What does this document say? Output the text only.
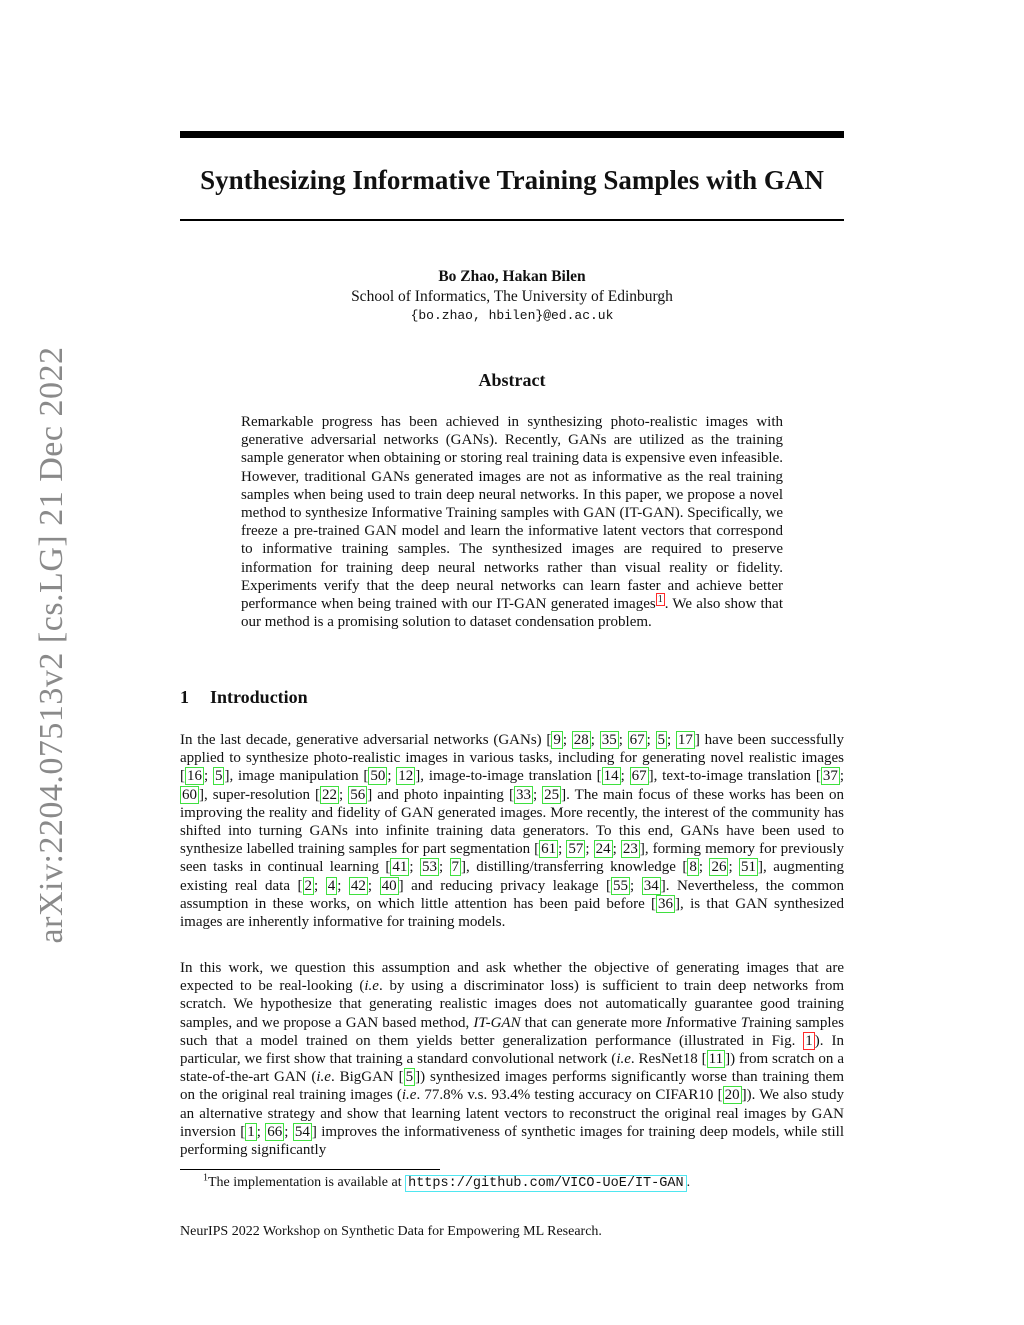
arXiv:2204.07513v2 [cs.LG] 21 Dec 2022
Synthesizing Informative Training Samples with GAN
Bo Zhao, Hakan Bilen
School of Informatics, The University of Edinburgh
{bo.zhao, hbilen}@ed.ac.uk
Abstract
Remarkable progress has been achieved in synthesizing photo-realistic images with generative adversarial networks (GANs). Recently, GANs are utilized as the training sample generator when obtaining or storing real training data is expensive even infeasible. However, traditional GANs generated images are not as informative as the real training samples when being used to train deep neural networks. In this paper, we propose a novel method to synthesize Informative Training samples with GAN (IT-GAN). Specifically, we freeze a pre-trained GAN model and learn the informative latent vectors that correspond to informative training samples. The synthesized images are required to preserve information for training deep neural networks rather than visual reality or fidelity. Experiments verify that the deep neural networks can learn faster and achieve better performance when being trained with our IT-GAN generated images $^1$ . We also show that our method is a promising solution to dataset condensation problem.
1 Introduction
In the last decade, generative adversarial networks (GANs) [ 9 ; 28 ; 35 ; 67 ; 5 ; 17 ] have been successfully applied to synthesize photo-realistic images in various tasks, including for generating novel realistic images [ 16 ; 5 ], image manipulation [ 50 ; 12 ], image-to-image translation [ 14 ; 67 ], text-to-image translation [ 37 ; 60 ], super-resolution [ 22 ; 56 ] and photo inpainting [ 33 ; 25 ]. The main focus of these works has been on improving the reality and fidelity of GAN generated images. More recently, the interest of the community has shifted into turning GANs into infinite training data generators. To this end, GANs have been used to synthesize labelled training samples for part segmentation [ 61 ; 57 ; 24 ; 23 ], forming memory for previously seen tasks in continual learning [ 41 ; 53 ; 7 ], distilling/transferring knowledge [ 8 ; 26 ; 51 ], augmenting existing real data [ 2 ; 4 ; 42 ; 40 ] and reducing privacy leakage [ 55 ; 34 ]. Nevertheless, the common assumption in these works, on which little attention has been paid before [ 36 ], is that GAN synthesized images are inherently informative for training models.
In this work, we question this assumption and ask whether the objective of generating images that are expected to be real-looking (i.e. by using a discriminator loss) is sufficient to train deep networks from scratch. We hypothesize that generating realistic images does not automatically guarantee good training samples, and we propose a GAN based method, IT-GAN that can generate more Informative Training samples such that a model trained on them yields better generalization performance (illustrated in Fig. 1 ). In particular, we first show that training a standard convolutional network (i.e. ResNet18 [ 11 ]) from scratch on a state-of-the-art GAN (i.e. BigGAN [ 5 ]) synthesized images performs significantly worse than training them on the original real training images (i.e. 77.8% v.s. 93.4% testing accuracy on CIFAR10 [ 20 ]). We also study an alternative strategy and show that learning latent vectors to reconstruct the original real images by GAN inversion [ 1 ; 66 ; 54 ] improves the informativeness of synthetic images for training deep models, while still performing significantly
$^1$The implementation is available at https://github.com/VICO-UoE/IT-GAN .
NeurIPS 2022 Workshop on Synthetic Data for Empowering ML Research.
